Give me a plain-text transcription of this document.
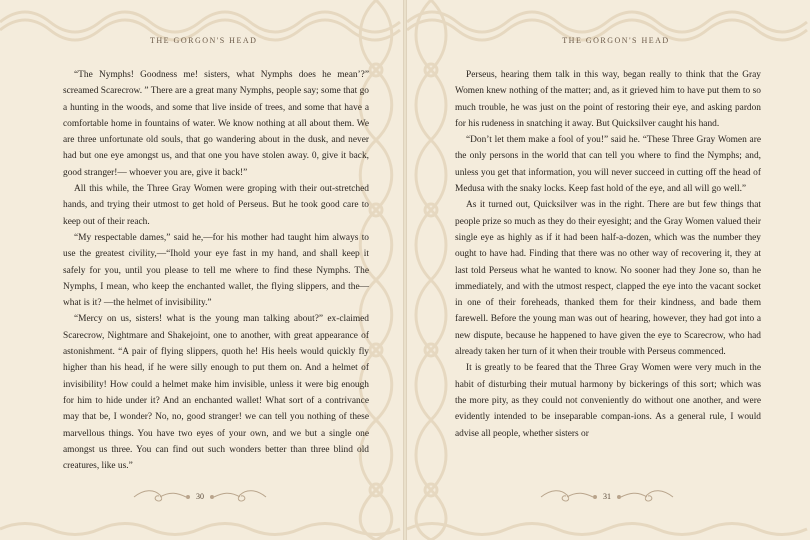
THE GORGON'S HEAD

“The Nymphs! Goodness me! sisters, what Nymphs does he mean’?” screamed Scarecrow. ” There are a great many Nymphs, people say; some that go a hunting in the woods, and some that live inside of trees, and some that have a comfortable home in fountains of water. We know nothing at all about them. We are three unfortunate old souls, that go wandering about in the dusk, and never had but one eye amongst us, and that one you have stolen away. 0, give it back, good stranger!— whoever you are, give it back!”

All this while, the Three Gray Women were groping with their out-stretched hands, and trying their utmost to get hold of Perseus. But he took good care to keep out of their reach.

“My respectable dames,” said he,—for his mother had taught him always to use the greatest civility,—“Ihold your eye fast in my hand, and shall keep it safely for you, until you please to tell me where to find these Nymphs. The Nymphs, I mean, who keep the enchanted wallet, the flying slippers, and the—what is it? —the helmet of invisibility.”

“Mercy on us, sisters! what is the young man talking about?” ex-claimed Scarecrow, Nightmare and Shakejoint, one to another, with great appearance of astonishment. “A pair of flying slippers, quoth he! His heels would quickly fly higher than his head, if he were silly enough to put them on. And a helmet of invisibility! How could a helmet make him invisible, unless it were big enough for him to hide under it? And an enchanted wallet! What sort of a contrivance may that be, I wonder? No, no, good stranger! we can tell you nothing of these marvellous things. You have two eyes of your own, and we but a single one amongst us three. You can find out such wonders better than three blind old creatures, like us.”

30
THE GORGON'S HEAD

Perseus, hearing them talk in this way, began really to think that the Gray Women knew nothing of the matter; and, as it grieved him to have put them to so much trouble, he was just on the point of restoring their eye, and asking pardon for his rudeness in snatching it away. But Quicksilver caught his hand.

“Don’t let them make a fool of you!” said he. “These Three Gray Women are the only persons in the world that can tell you where to find the Nymphs; and, unless you get that information, you will never succeed in cutting off the head of Medusa with the snaky locks. Keep fast hold of the eye, and all will go well.”

As it turned out, Quicksilver was in the right. There are but few things that people prize so much as they do their eyesight; and the Gray Women valued their single eye as highly as if it had been half-a-dozen, which was the number they ought to have had. Finding that there was no other way of recovering it, they at last told Perseus what he wanted to know. No sooner had they Jone so, than he immediately, and with the utmost respect, clapped the eye into the vacant socket in one of their foreheads, thanked them for their kindness, and bade them farewell. Before the young man was out of hearing, however, they had got into a new dispute, because he happened to have given the eye to Scarecrow, who had already taken her turn of it when their trouble with Perseus commenced.

It is greatly to be feared that the Three Gray Women were very much in the habit of disturbing their mutual harmony by bickerings of this sort; which was the more pity, as they could not conveniently do without one another, and were evidently intended to be inseparable compan-ions. As a general rule, I would advise all people, whether sisters or

31
